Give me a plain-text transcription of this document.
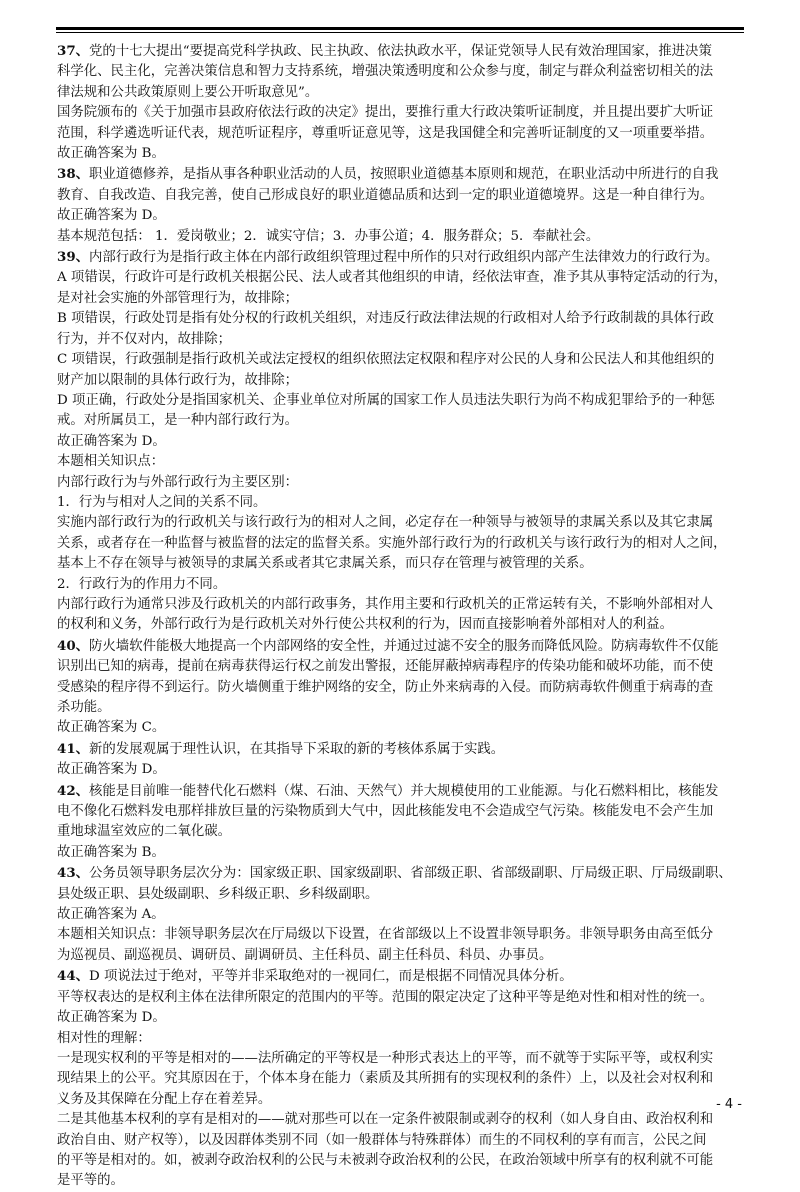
37、党的十七大提出“要提高党科学执政、民主执政、依法执政水平，保证党领导人民有效治理国家，推进决策
科学化、民主化，完善决策信息和智力支持系统，增强决策透明度和公众参与度，制定与群众利益密切相关的法
律法规和公共政策原则上要公开听取意见”。
国务院颁布的《关于加强市县政府依法行政的决定》提出，要推行重大行政决策听证制度，并且提出要扩大听证
范围，科学遴选听证代表，规范听证程序，尊重听证意见等，这是我国健全和完善听证制度的又一项重要举措。
故正确答案为 B。
38、职业道德修养，是指从事各种职业活动的人员，按照职业道德基本原则和规范，在职业活动中所进行的自我
教育、自我改造、自我完善，使自己形成良好的职业道德品质和达到一定的职业道德境界。这是一种自律行为。
故正确答案为 D。
基本规范包括： 1．爱岗敬业；2．诚实守信；3．办事公道；4．服务群众；5．奉献社会。
39、内部行政行为是指行政主体在内部行政组织管理过程中所作的只对行政组织内部产生法律效力的行政行为。
A 项错误，行政许可是行政机关根据公民、法人或者其他组织的申请，经依法审查，准予其从事特定活动的行为，
是对社会实施的外部管理行为，故排除；
B 项错误，行政处罚是指有处分权的行政机关组织，对违反行政法律法规的行政相对人给予行政制裁的具体行政
行为，并不仅对内，故排除；
C 项错误，行政强制是指行政机关或法定授权的组织依照法定权限和程序对公民的人身和公民法人和其他组织的
财产加以限制的具体行政行为，故排除；
D 项正确，行政处分是指国家机关、企事业单位对所属的国家工作人员违法失职行为尚不构成犯罪给予的一种惩
戒。对所属员工，是一种内部行政行为。
故正确答案为 D。
本题相关知识点：
内部行政行为与外部行政行为主要区别：
1．行为与相对人之间的关系不同。
实施内部行政行为的行政机关与该行政行为的相对人之间，必定存在一种领导与被领导的隶属关系以及其它隶属
关系，或者存在一种监督与被监督的法定的监督关系。实施外部行政行为的行政机关与该行政行为的相对人之间，
基本上不存在领导与被领导的隶属关系或者其它隶属关系，而只存在管理与被管理的关系。
2．行政行为的作用力不同。
内部行政行为通常只涉及行政机关的内部行政事务，其作用主要和行政机关的正常运转有关，不影响外部相对人
的权利和义务，外部行政行为是行政机关对外行使公共权利的行为，因而直接影响着外部相对人的利益。
40、防火墙软件能极大地提高一个内部网络的安全性，并通过过滤不安全的服务而降低风险。防病毒软件不仅能
识别出已知的病毒，提前在病毒获得运行权之前发出警报，还能屏蔽掉病毒程序的传染功能和破坏功能，而不使
受感染的程序得不到运行。防火墙侧重于维护网络的安全，防止外来病毒的入侵。而防病毒软件侧重于病毒的查
杀功能。
故正确答案为 C。
41、新的发展观属于理性认识，在其指导下采取的新的考核体系属于实践。
故正确答案为 D。
42、核能是目前唯一能替代化石燃料（煤、石油、天然气）并大规模使用的工业能源。与化石燃料相比，核能发
电不像化石燃料发电那样排放巨量的污染物质到大气中，因此核能发电不会造成空气污染。核能发电不会产生加
重地球温室效应的二氧化碳。
故正确答案为 B。
43、公务员领导职务层次分为：国家级正职、国家级副职、省部级正职、省部级副职、厅局级正职、厅局级副职、
县处级正职、县处级副职、乡科级正职、乡科级副职。
故正确答案为 A。
本题相关知识点：非领导职务层次在厅局级以下设置，在省部级以上不设置非领导职务。非领导职务由高至低分
为巡视员、副巡视员、调研员、副调研员、主任科员、副主任科员、科员、办事员。
44、D 项说法过于绝对，平等并非采取绝对的一视同仁，而是根据不同情况具体分析。
平等权表达的是权利主体在法律所限定的范围内的平等。范围的限定决定了这种平等是绝对性和相对性的统一。
故正确答案为 D。
相对性的理解：
一是现实权利的平等是相对的——法所确定的平等权是一种形式表达上的平等，而不就等于实际平等，或权利实
现结果上的公平。究其原因在于，个体本身在能力（素质及其所拥有的实现权利的条件）上，以及社会对权利和
义务及其保障在分配上存在着差异。
二是其他基本权利的享有是相对的——就对那些可以在一定条件被限制或剥夺的权利（如人身自由、政治权利和
政治自由、财产权等），以及因群体类别不同（如一般群体与特殊群体）而生的不同权利的享有而言，公民之间
的平等是相对的。如，被剥夺政治权利的公民与未被剥夺政治权利的公民，在政治领域中所享有的权利就不可能
是平等的。
- 4 -
